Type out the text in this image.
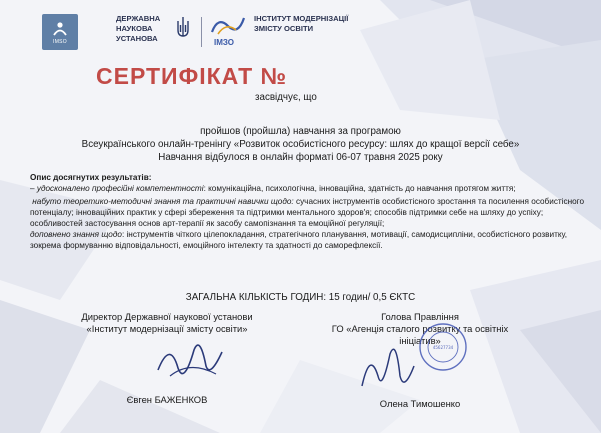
IMSO
ДЕРЖАВНА НАУКОВА УСТАНОВА	ІМЗО
ІНСТИТУТ МОДЕРНІЗАЦІЇ ЗМІСТУ ОСВІТИ
СЕРТИФІКАТ №
засвідчує, що
пройшов (пройшла) навчання за програмою
Всеукраїнського онлайн-тренінгу «Розвиток особистісного ресурсу: шлях до кращої версії себе»
Навчання відбулося в онлайн форматі 06-07 травня 2025 року
Опис досягнутих результатів:
– удосконалено професійні компетентності: комунікаційна, психологічна, інноваційна, здатність до навчання протягом життя;
набуто теоретико-методичні знання та практичні навички щодо: сучасних інструментів особистісного зростання та посилення особистісного потенціалу; інноваційних практик у сфері збереження та підтримки ментального здоров'я; способів підтримки себе на шляху до успіху; особливостей застосування основ арт-терапії як засобу самопізнання та емоційної регуляції;
доповнено знання щодо: інструментів чіткого цілепокладання, стратегічного планування, мотивації, самодисципліни, особистісного розвитку, зокрема формуванню відповідальності, емоційного інтелекту та здатності до саморефлексії.
ЗАГАЛЬНА КІЛЬКІСТЬ ГОДИН: 15 годин/ 0,5 ЄКТС
Директор Державної наукової установи
«Інститут модернізації змісту освіти»
Євген БАЖЕНКОВ
Голова Правління
ГО «Агенція сталого розвитку та освітніх
ініціатив»
45627734
Олена Тимошенко
